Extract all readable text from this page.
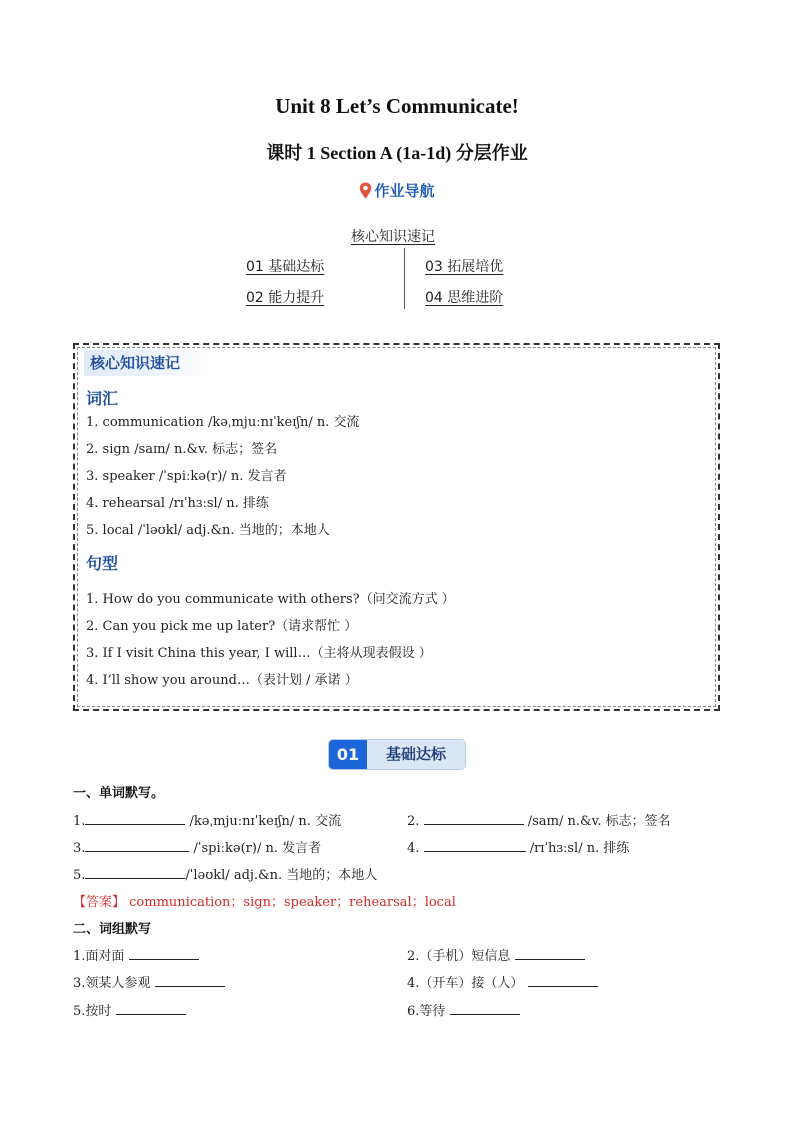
Unit 8 Let’s Communicate!
课时 1 Section A (1a-1d) 分层作业
作业导航
核心知识速记
01 基础达标	03 拓展培优
02 能力提升	04 思维进阶
核心知识速记
词汇
1. communication /kəˌmjuːnɪˈkeɪʃn/ n. 交流
2. sign /saɪn/ n.&v. 标志；签名
3. speaker /ˈspiːkə(r)/ n. 发言者
4. rehearsal /rɪˈhɜːsl/ n. 排练
5. local /ˈləʊkl/ adj.&n. 当地的；本地人
句型
1. How do you communicate with others?（问交流方式 ）
2. Can you pick me up later?（请求帮忙 ）
3. If I visit China this year, I will…（主将从现表假设 ）
4. I’ll show you around…（表计划 / 承诺 ）
01	基础达标
一、单词默写。
1.	/kəˌmjuːnɪˈkeɪʃn/ n. 交流	2.	/saɪn/ n.&v. 标志；签名
3.	/ˈspiːkə(r)/ n. 发言者	4.	/rɪˈhɜːsl/ n. 排练
5.	/ˈləʊkl/ adj.&n. 当地的；本地人
【答案】 communication；sign；speaker；rehearsal；local
二、词组默写
1.面对面	2.（手机）短信息
3.领某人参观	4.（开车）接（人）
5.按时	6.等待
